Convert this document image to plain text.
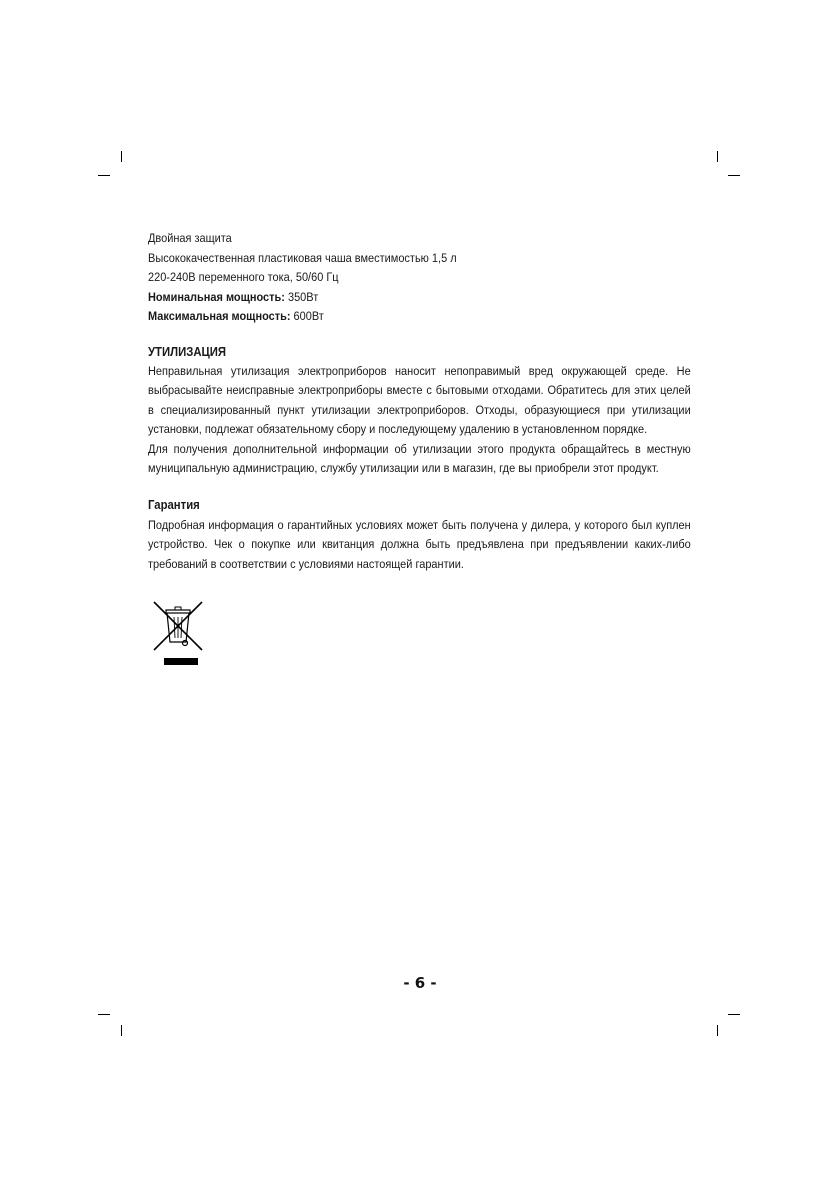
Двойная защита
Высококачественная пластиковая чаша вместимостью 1,5 л
220-240В переменного тока, 50/60 Гц
Номинальная мощность: 350Вт
Максимальная мощность: 600Вт
УТИЛИЗАЦИЯ
Неправильная утилизация электроприборов наносит непоправимый вред окружающей среде. Не выбрасывайте неисправные электроприборы вместе с бытовыми отходами. Обратитесь для этих целей в специализированный пункт утилизации электроприборов. Отходы, образующиеся при утилизации установки, подлежат обязательному сбору и последующему удалению в установленном порядке.
Для получения дополнительной информации об утилизации этого продукта обращайтесь в местную муниципальную администрацию, службу утилизации или в магазин, где вы приобрели этот продукт.
Гарантия
Подробная информация о гарантийных условиях может быть получена у дилера, у которого был куплен устройство. Чек о покупке или квитанция должна быть предъявлена при предъявлении каких-либо требований в соответствии с условиями настоящей гарантии.
- 6 -
